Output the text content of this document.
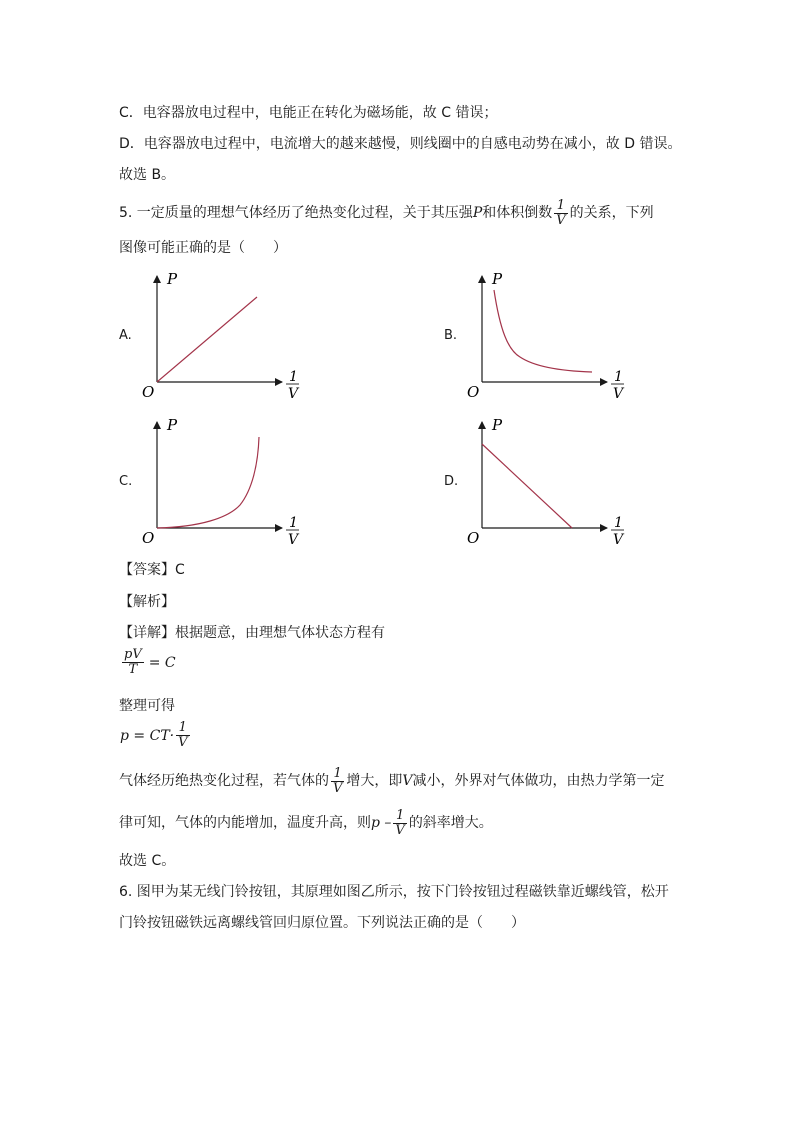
C．电容器放电过程中，电能正在转化为磁场能，故 C 错误；
D．电容器放电过程中，电流增大的越来越慢，则线圈中的自感电动势在减小，故 D 错误。
故选 B。
5. 一定质量的理想气体经历了绝热变化过程，关于其压强P和体积倒数 $\frac{1}{V}$ 的关系，下列
图像可能正确的是（　　）
A.	B.
C.	D.
P
O
1
V
P
O
1
V
P
O
1
V
P
O
1
V
【答案】C
【解析】
【详解】根据题意，由理想气体状态方程有
$\frac{pV}{T} = C$
整理可得
p =
$CT\cdot \frac{1}{V}$
气体经历绝热变化过程，若气体的 $\frac{1}{V}$ 增大，即V减小，外界对气体做功，由热力学第一定
律可知，气体的内能增加，温度升高，则p – $\frac{1}{V}$ 的斜率增大。
故选 C。
6. 图甲为某无线门铃按钮，其原理如图乙所示，按下门铃按钮过程磁铁靠近螺线管，松开
门铃按钮磁铁远离螺线管回归原位置。下列说法正确的是（　　）
